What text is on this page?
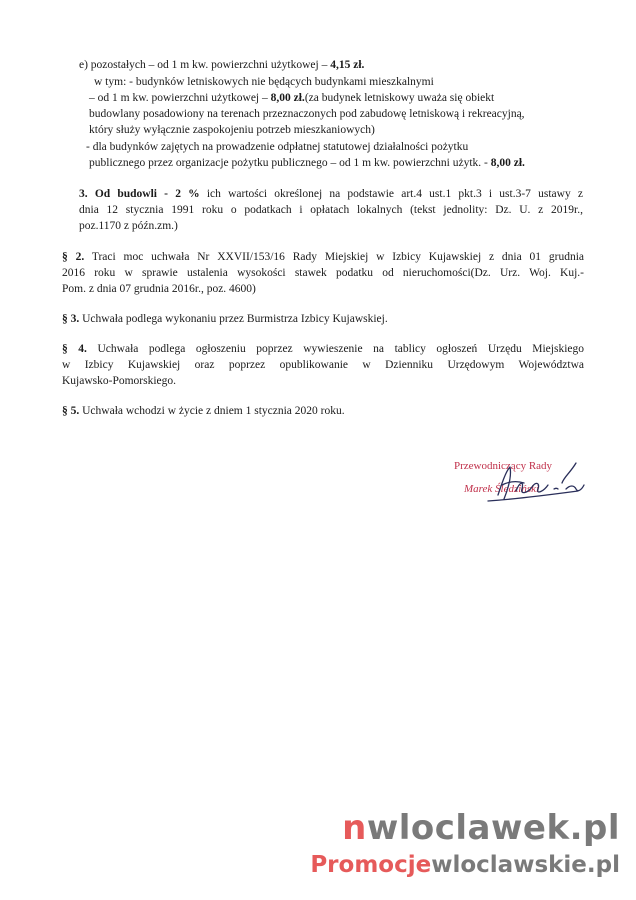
e) pozostałych – od 1 m kw. powierzchni użytkowej – 4,15 zł.
w tym: - budynków letniskowych nie będących budynkami mieszkalnymi
– od 1 m kw. powierzchni użytkowej – 8,00 zł.(za budynek letniskowy uważa się obiekt
budowlany posadowiony na terenach przeznaczonych pod zabudowę letniskową i rekreacyjną,
który służy wyłącznie zaspokojeniu potrzeb mieszkaniowych)
- dla budynków zajętych na prowadzenie odpłatnej statutowej działalności pożytku
publicznego przez organizacje pożytku publicznego – od 1 m kw. powierzchni użytk. - 8,00 zł.
3. Od budowli - 2 % ich wartości określonej na podstawie art.4 ust.1 pkt.3 i ust.3-7 ustawy z
dnia 12 stycznia 1991 roku o podatkach i opłatach lokalnych (tekst jednolity: Dz. U. z 2019r.,
poz.1170 z późn.zm.)
§ 2. Traci moc uchwała Nr XXVII/153/16 Rady Miejskiej w Izbicy Kujawskiej z dnia 01 grudnia
2016 roku w sprawie ustalenia wysokości stawek podatku od nieruchomości(Dz. Urz. Woj. Kuj.-
Pom. z dnia 07 grudnia 2016r., poz. 4600)
§ 3. Uchwała podlega wykonaniu przez Burmistrza Izbicy Kujawskiej.
§ 4. Uchwała podlega ogłoszeniu poprzez wywieszenie na tablicy ogłoszeń Urzędu Miejskiego
w Izbicy Kujawskiej oraz poprzez opublikowanie w Dzienniku Urzędowym Województwa
Kujawsko-Pomorskiego.
§ 5. Uchwała wchodzi w życie z dniem 1 stycznia 2020 roku.
Przewodniczący Rady
Marek Śledziński
nwloclawek.pl
Promocjewloclawskie.pl
